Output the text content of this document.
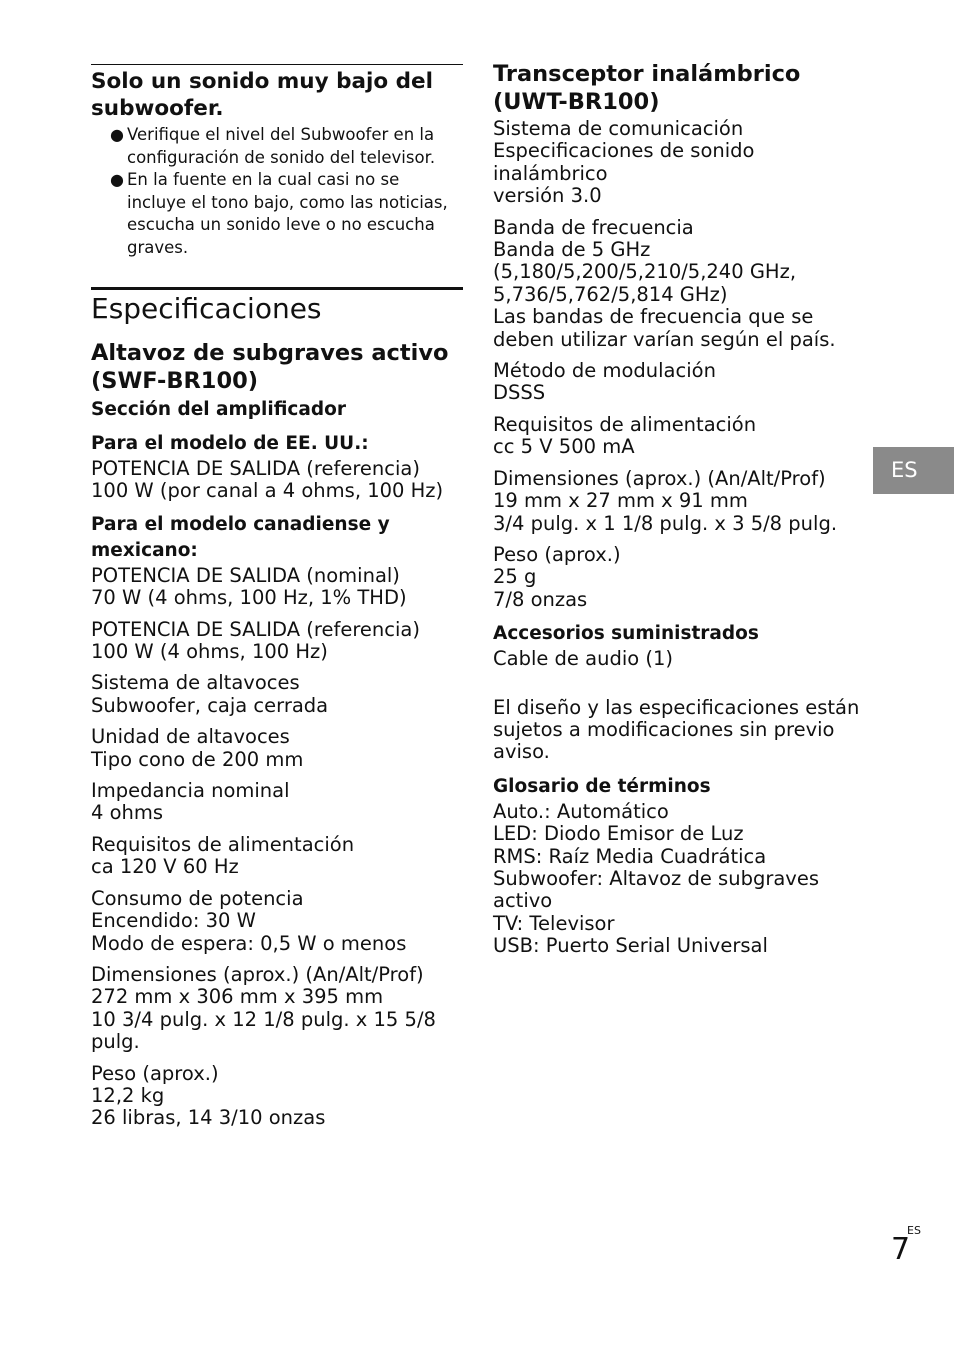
Solo un sonido muy bajo del subwoofer.
● Verifique el nivel del Subwoofer en la configuración de sonido del televisor.
● En la fuente en la cual casi no se incluye el tono bajo, como las noticias, escucha un sonido leve o no escucha graves.
Especificaciones
Altavoz de subgraves activo (SWF-BR100)
Sección del amplificador
Para el modelo de EE. UU.:

POTENCIA DE SALIDA (referencia)
100 W (por canal a 4 ohms, 100 Hz)

Para el modelo canadiense y mexicano:

POTENCIA DE SALIDA (nominal)
70 W (4 ohms, 100 Hz, 1% THD)

POTENCIA DE SALIDA (referencia)
100 W (4 ohms, 100 Hz)

Sistema de altavoces
Subwoofer, caja cerrada
Unidad de altavoces
Tipo cono de 200 mm
Impedancia nominal
4 ohms
Requisitos de alimentación
ca 120 V 60 Hz
Consumo de potencia
Encendido: 30 W
Modo de espera: 0,5 W o menos
Dimensiones (aprox.) (An/Alt/Prof)
272 mm x 306 mm x 395 mm
10 3/4 pulg. x 12 1/8 pulg. x 15 5/8 pulg.
Peso (aprox.)
12,2 kg
26 libras, 14 3/10 onzas
Transceptor inalámbrico (UWT-BR100)
Sistema de comunicación
Especificaciones de sonido inalámbrico
versión 3.0
Banda de frecuencia
Banda de 5 GHz
(5,180/5,200/5,210/5,240 GHz, 5,736/5,762/5,814 GHz)
Las bandas de frecuencia que se deben utilizar varían según el país.
Método de modulación
DSSS
Requisitos de alimentación
cc 5 V 500 mA
Dimensiones (aprox.) (An/Alt/Prof)
19 mm x 27 mm x 91 mm
3/4 pulg. x 1 1/8 pulg. x 3 5/8 pulg.
Peso (aprox.)
25 g
7/8 onzas
Accesorios suministrados

Cable de audio (1)

El diseño y las especificaciones están sujetos a modificaciones sin previo aviso.

Glosario de términos

Auto.: Automático

LED: Diodo Emisor de Luz

RMS: Raíz Media Cuadrática

Subwoofer: Altavoz de subgraves activo

TV: Televisor

USB: Puerto Serial Universal

ES
ES
7
